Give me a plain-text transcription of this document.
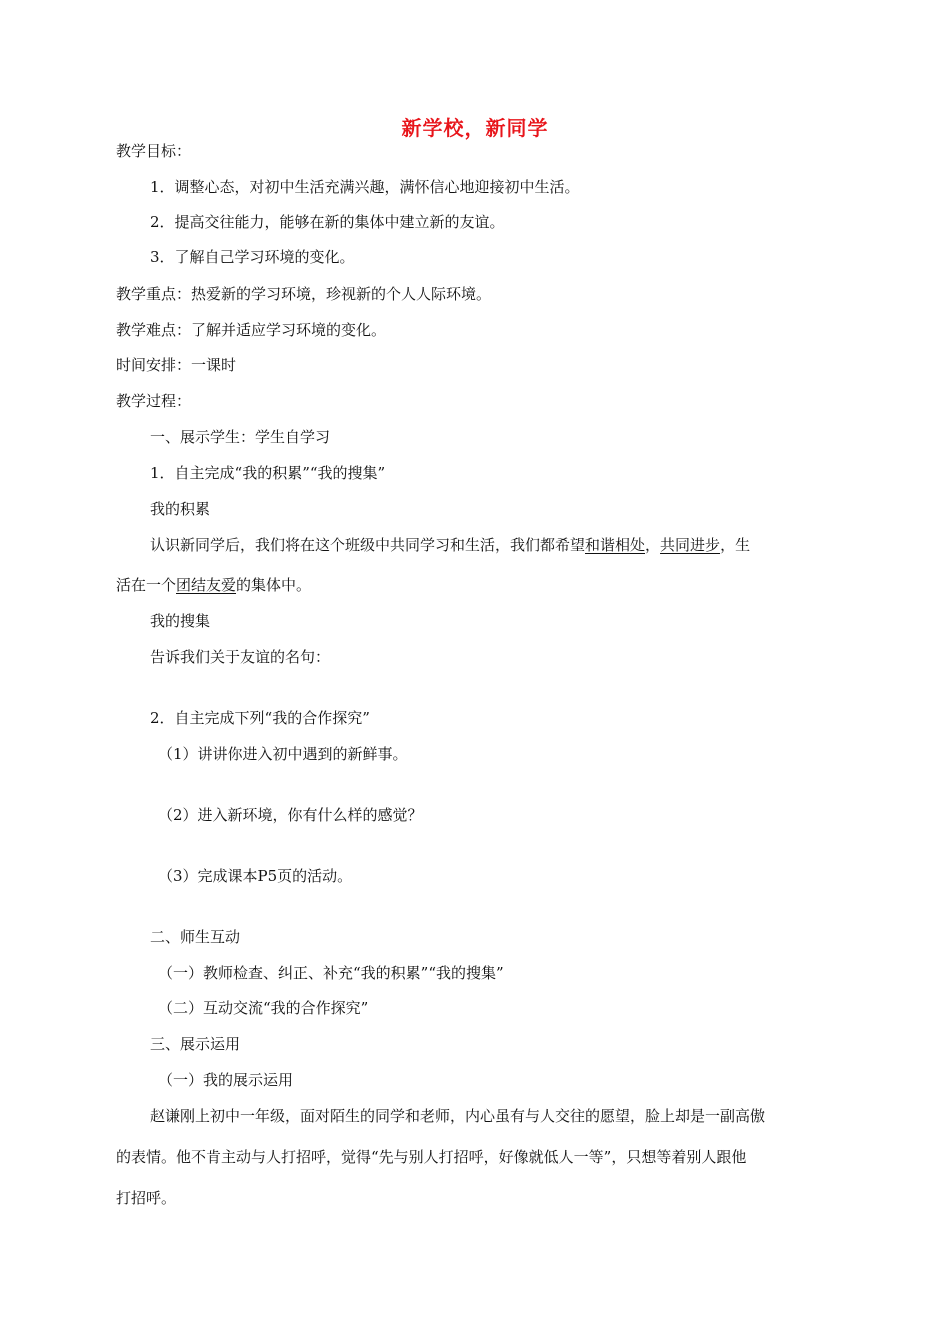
新学校，新同学
教学目标：
1．调整心态，对初中生活充满兴趣，满怀信心地迎接初中生活。
2．提高交往能力，能够在新的集体中建立新的友谊。
3．了解自己学习环境的变化。
教学重点：热爱新的学习环境，珍视新的个人人际环境。
教学难点：了解并适应学习环境的变化。
时间安排：一课时
教学过程：
一、展示学生：学生自学习
1．自主完成“我的积累”“我的搜集”
我的积累
认识新同学后，我们将在这个班级中共同学习和生活，我们都希望和谐相处，共同进步，生
活在一个团结友爱的集体中。
我的搜集
告诉我们关于友谊的名句：
2．自主完成下列“我的合作探究”
（1）讲讲你进入初中遇到的新鲜事。
（2）进入新环境，你有什么样的感觉？
（3）完成课本P5页的活动。
二、师生互动
（一）教师检查、纠正、补充“我的积累”“我的搜集”
（二）互动交流“我的合作探究”
三、展示运用
（一）我的展示运用
赵谦刚上初中一年级，面对陌生的同学和老师，内心虽有与人交往的愿望，脸上却是一副高傲
的表情。他不肯主动与人打招呼，觉得“先与别人打招呼，好像就低人一等”，只想等着别人跟他
打招呼。
